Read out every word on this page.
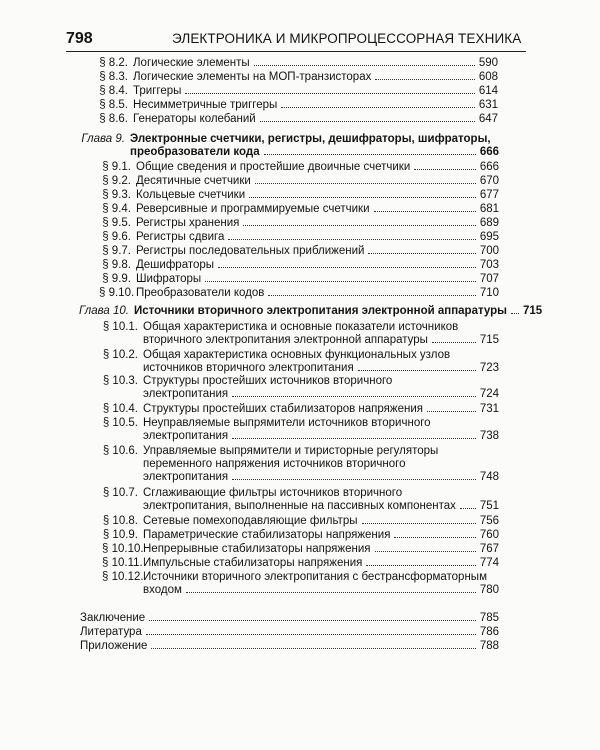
798	ЭЛЕКТРОНИКА И МИКРОПРОЦЕССОРНАЯ ТЕХНИКА
§ 8.2. Логические элементы	590
§ 8.3. Логические элементы на МОП-транзисторах	608
§ 8.4. Триггеры	614
§ 8.5. Несимметричные триггеры	631
§ 8.6. Генераторы колебаний	647
Глава 9. Электронные счетчики, регистры, дешифраторы, шифраторы,
преобразователи кода	666
§ 9.1. Общие сведения и простейшие двоичные счетчики	666
§ 9.2. Десятичные счетчики	670
§ 9.3. Кольцевые счетчики	677
§ 9.4. Реверсивные и программируемые счетчики	681
§ 9.5. Регистры хранения	689
§ 9.6. Регистры сдвига	695
§ 9.7. Регистры последовательных приближений	700
§ 9.8. Дешифраторы	703
§ 9.9. Шифраторы	707
§ 9.10. Преобразователи кодов	710
Глава 10. Источники вторичного электропитания электронной аппаратуры 715
§ 10.1. Общая характеристика и основные показатели источников
вторичного электропитания электронной аппаратуры	715
§ 10.2. Общая характеристика основных функциональных узлов
источников вторичного электропитания	723
§ 10.3. Структуры простейших источников вторичного
электропитания	724
§ 10.4. Структуры простейших стабилизаторов напряжения	731
§ 10.5. Неуправляемые выпрямители источников вторичного
электропитания	738
§ 10.6. Управляемые выпрямители и тиристорные регуляторы
переменного напряжения источников вторичного
электропитания	748
§ 10.7. Сглаживающие фильтры источников вторичного
электропитания, выполненные на пассивных компонентах 751
§ 10.8. Сетевые помехоподавляющие фильтры	756
§ 10.9. Параметрические стабилизаторы напряжения	760
§ 10.10. Непрерывные стабилизаторы напряжения	767
§ 10.11. Импульсные стабилизаторы напряжения	774
§ 10.12. Источники вторичного электропитания с бестрансформаторным
входом	780
Заключение	785
Литература	786
Приложение	788
